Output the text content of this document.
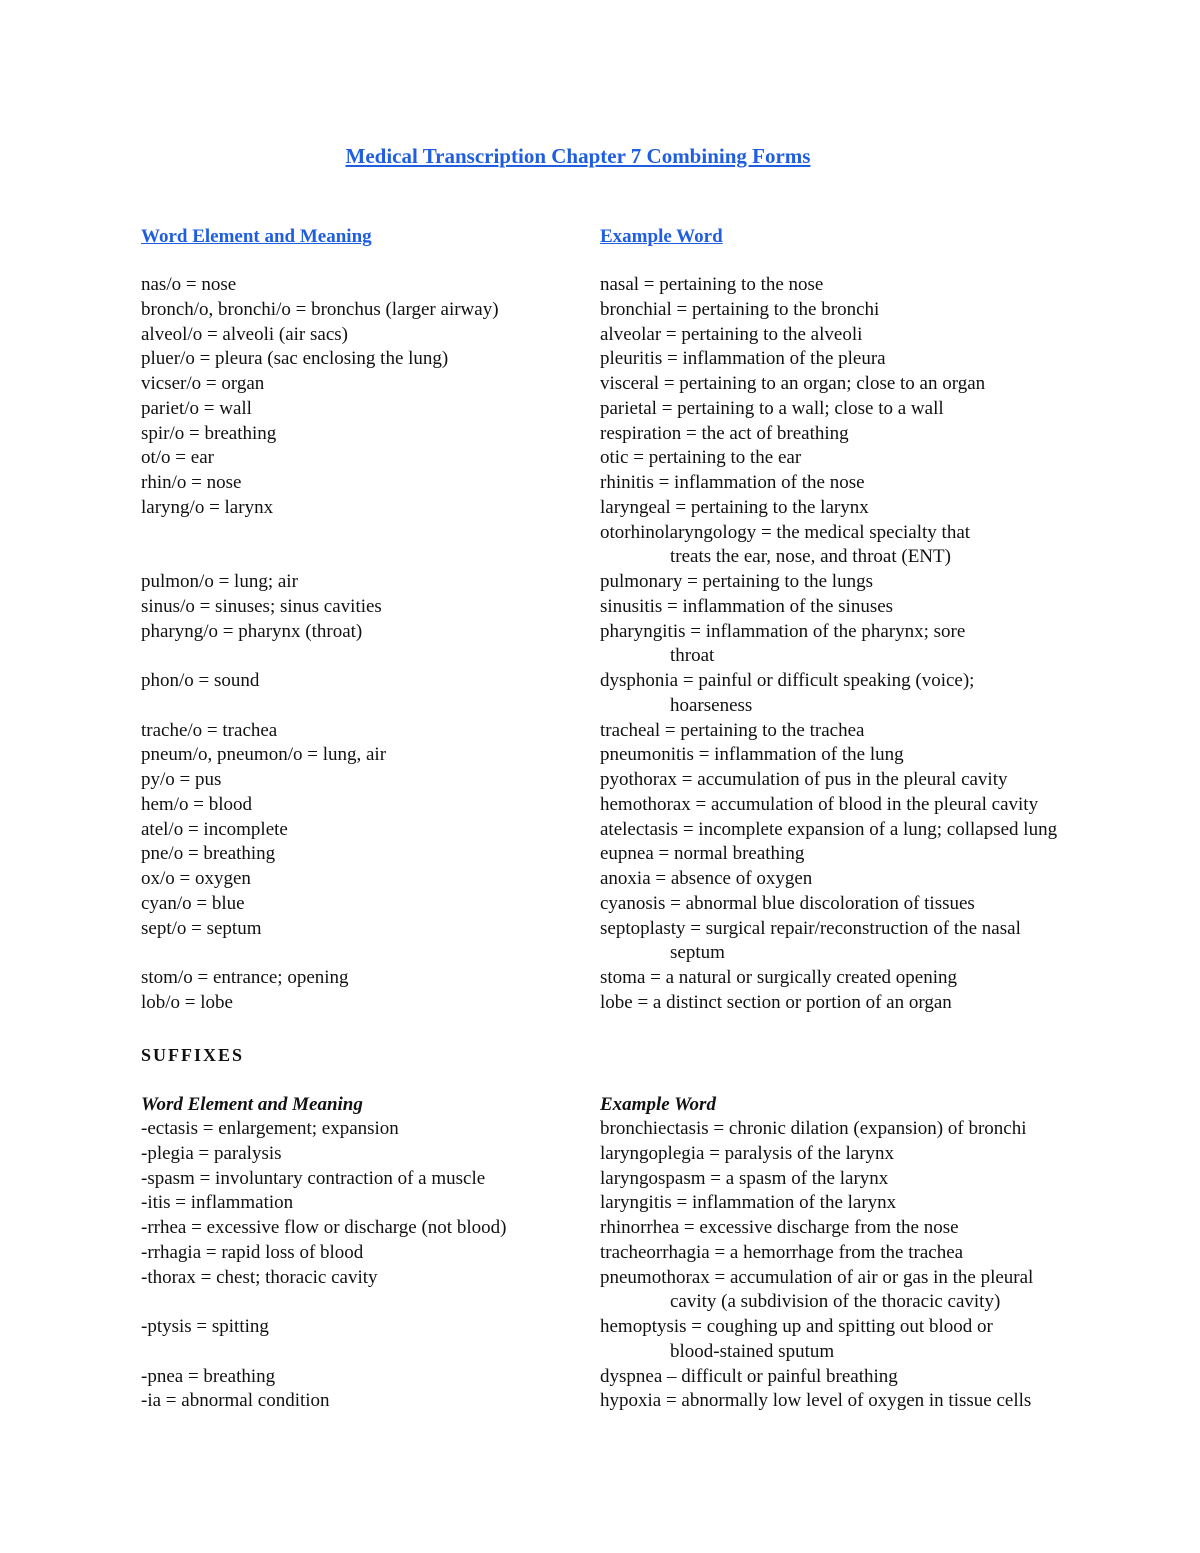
Medical Transcription Chapter 7 Combining Forms
Word Element and Meaning	Example Word
nas/o = nose
bronch/o, bronchi/o = bronchus (larger airway)
alveol/o = alveoli (air sacs)
pluer/o = pleura (sac enclosing the lung)
vicser/o = organ
pariet/o = wall
spir/o = breathing
ot/o = ear
rhin/o = nose
laryng/o = larynx
pulmon/o = lung; air
sinus/o = sinuses; sinus cavities
pharyng/o = pharynx (throat)
phon/o = sound
trache/o = trachea
pneum/o, pneumon/o = lung, air
py/o = pus
hem/o = blood
atel/o = incomplete
pne/o = breathing
ox/o = oxygen
cyan/o = blue
sept/o = septum
stom/o = entrance; opening
lob/o = lobe
nasal = pertaining to the nose
bronchial = pertaining to the bronchi
alveolar = pertaining to the alveoli
pleuritis = inflammation of the pleura
visceral = pertaining to an organ; close to an organ
parietal = pertaining to a wall; close to a wall
respiration = the act of breathing
otic = pertaining to the ear
rhinitis = inflammation of the nose
laryngeal = pertaining to the larynx
otorhinolaryngology = the medical specialty that
treats the ear, nose, and throat (ENT)
pulmonary = pertaining to the lungs
sinusitis = inflammation of the sinuses
pharyngitis = inflammation of the pharynx; sore
throat
dysphonia = painful or difficult speaking (voice);
hoarseness
tracheal = pertaining to the trachea
pneumonitis = inflammation of the lung
pyothorax = accumulation of pus in the pleural cavity
hemothorax = accumulation of blood in the pleural cavity
atelectasis = incomplete expansion of a lung; collapsed lung
eupnea = normal breathing
anoxia = absence of oxygen
cyanosis = abnormal blue discoloration of tissues
septoplasty = surgical repair/reconstruction of the nasal
septum
stoma = a natural or surgically created opening
lobe = a distinct section or portion of an organ
SUFFIXES
Word Element and Meaning	Example Word
-ectasis = enlargement; expansion
-plegia = paralysis
-spasm = involuntary contraction of a muscle
-itis = inflammation
-rrhea = excessive flow or discharge (not blood)
-rrhagia = rapid loss of blood
-thorax = chest; thoracic cavity
-ptysis = spitting
-pnea = breathing
-ia = abnormal condition
bronchiectasis = chronic dilation (expansion) of bronchi
laryngoplegia = paralysis of the larynx
laryngospasm = a spasm of the larynx
laryngitis = inflammation of the larynx
rhinorrhea = excessive discharge from the nose
tracheorrhagia = a hemorrhage from the trachea
pneumothorax = accumulation of air or gas in the pleural
cavity (a subdivision of the thoracic cavity)
hemoptysis = coughing up and spitting out blood or
blood-stained sputum
dyspnea – difficult or painful breathing
hypoxia = abnormally low level of oxygen in tissue cells
